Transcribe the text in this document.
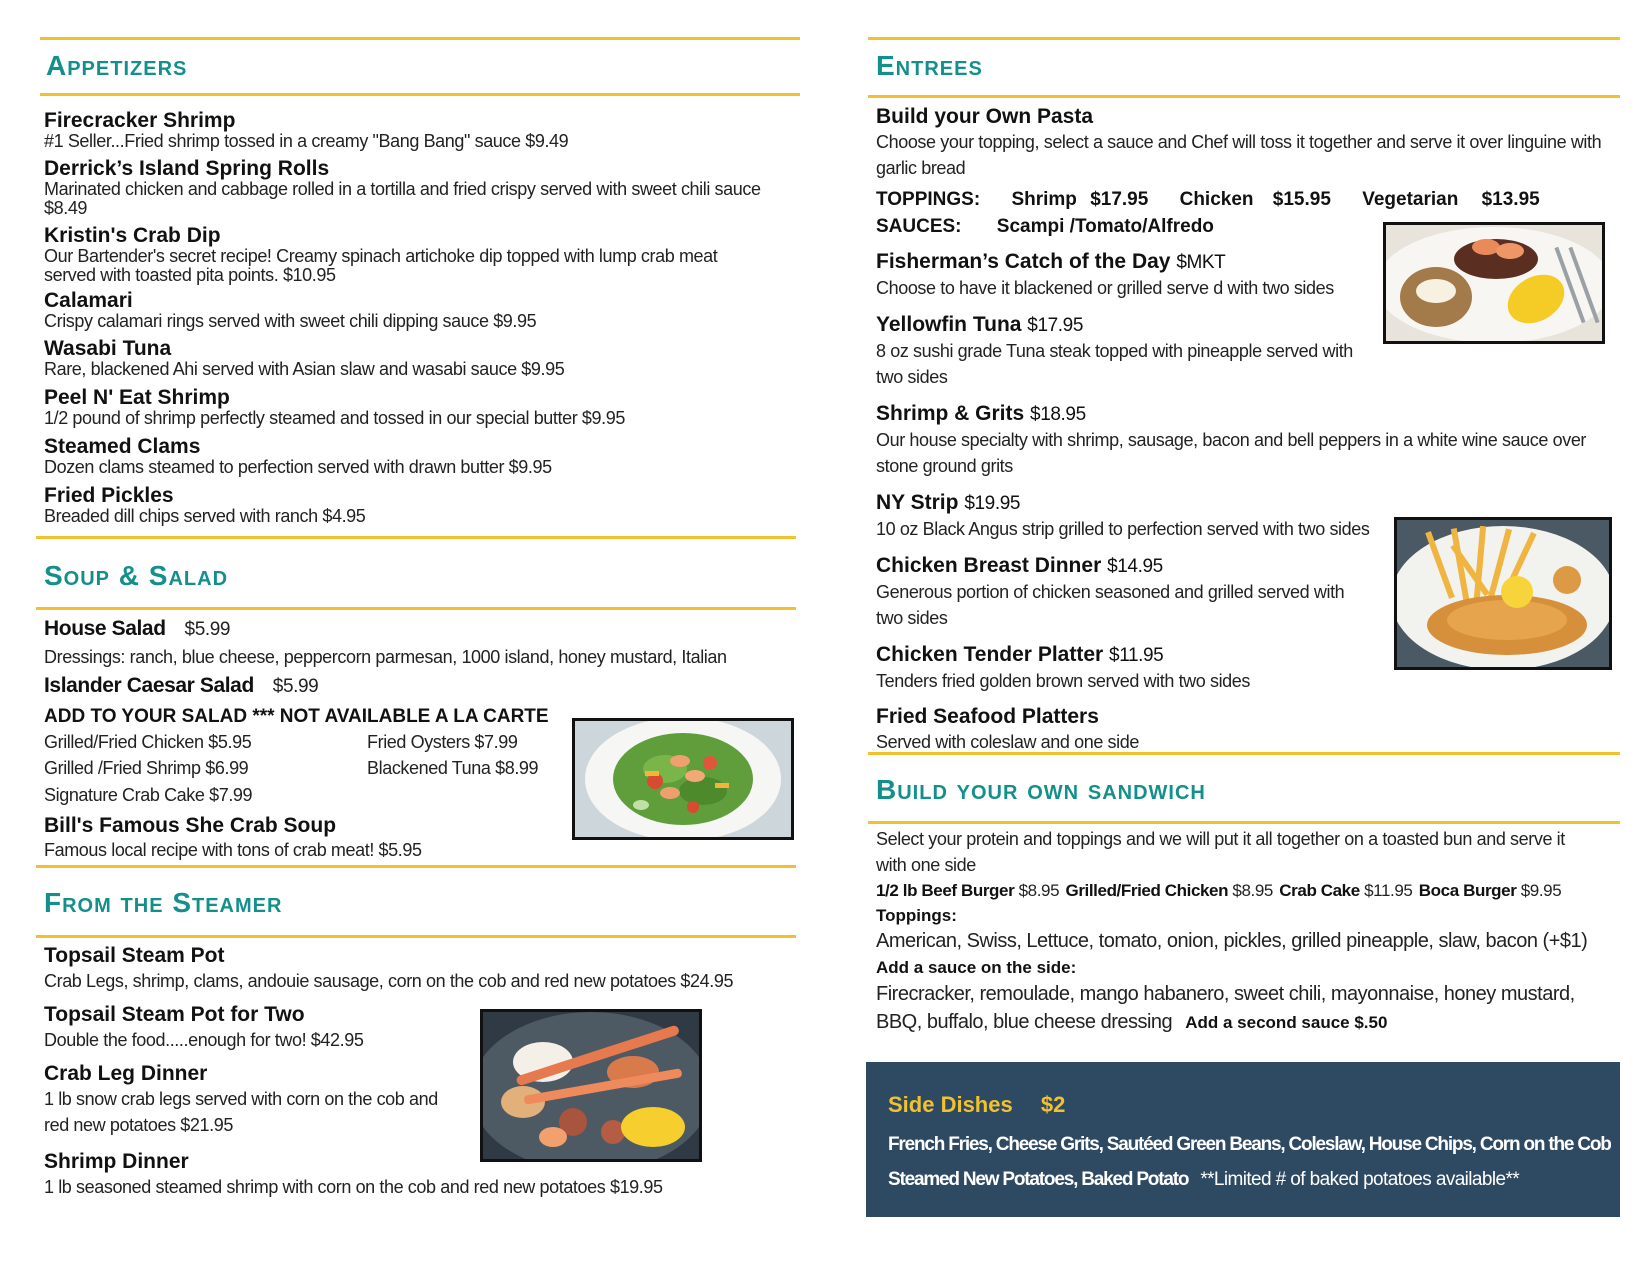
Appetizers
Firecracker Shrimp
#1 Seller...Fried shrimp tossed in a creamy "Bang Bang" sauce $9.49
Derrick’s Island Spring Rolls
Marinated chicken and cabbage rolled in a tortilla and fried crispy served with sweet chili sauce $8.49
Kristin's Crab Dip
Our Bartender's secret recipe! Creamy spinach artichoke dip topped with lump crab meat served with toasted pita points. $10.95
Calamari
Crispy calamari rings served with sweet chili dipping sauce $9.95
Wasabi Tuna
Rare, blackened Ahi served with Asian slaw and wasabi sauce $9.95
Peel N' Eat Shrimp
1/2 pound of shrimp perfectly steamed and tossed in our special butter $9.95
Steamed Clams
Dozen clams steamed to perfection served with drawn butter $9.95
Fried Pickles
Breaded dill chips served with ranch $4.95
Soup & Salad
House Salad $5.99
Dressings: ranch, blue cheese, peppercorn parmesan, 1000 island, honey mustard, Italian
Islander Caesar Salad $5.99
ADD TO YOUR SALAD *** NOT AVAILABLE A LA CARTE
Grilled/Fried Chicken $5.95
Grilled /Fried Shrimp $6.99
Signature Crab Cake $7.99
Fried Oysters $7.99
Blackened Tuna $8.99
Bill's Famous She Crab Soup
Famous local recipe with tons of crab meat! $5.95
From the Steamer
Topsail Steam Pot
Crab Legs, shrimp, clams, andouie sausage, corn on the cob and red new potatoes $24.95
Topsail Steam Pot for Two
Double the food.....enough for two! $42.95
Crab Leg Dinner
1 lb snow crab legs served with corn on the cob and
red new potatoes $21.95
Shrimp Dinner
1 lb seasoned steamed shrimp with corn on the cob and red new potatoes $19.95
Entrees
Build your Own Pasta
Choose your topping, select a sauce and Chef will toss it together and serve it over linguine with
garlic bread
TOPPINGS: Shrimp $17.95 Chicken $15.95 Vegetarian $13.95
SAUCES: Scampi /Tomato/Alfredo
Fisherman’s Catch of the Day $MKT
Choose to have it blackened or grilled serve d with two sides
Yellowfin Tuna $17.95
8 oz sushi grade Tuna steak topped with pineapple served with
two sides
Shrimp & Grits $18.95
Our house specialty with shrimp, sausage, bacon and bell peppers in a white wine sauce over
stone ground grits
NY Strip $19.95
10 oz Black Angus strip grilled to perfection served with two sides
Chicken Breast Dinner $14.95
Generous portion of chicken seasoned and grilled served with
two sides
Chicken Tender Platter $11.95
Tenders fried golden brown served with two sides
Fried Seafood Platters
Served with coleslaw and one side
Build your own sandwich
Select your protein and toppings and we will put it all together on a toasted bun and serve it
with one side
1/2 lb Beef Burger $8.95 Grilled/Fried Chicken $8.95 Crab Cake $11.95 Boca Burger $9.95
Toppings:
American, Swiss, Lettuce, tomato, onion, pickles, grilled pineapple, slaw, bacon (+$1)
Add a sauce on the side:
Firecracker, remoulade, mango habanero, sweet chili, mayonnaise, honey mustard,
BBQ, buffalo, blue cheese dressing Add a second sauce $.50
Side Dishes $2
French Fries, Cheese Grits, Sautéed Green Beans, Coleslaw, House Chips, Corn on the Cob
Steamed New Potatoes, Baked Potato **Limited # of baked potatoes available**
